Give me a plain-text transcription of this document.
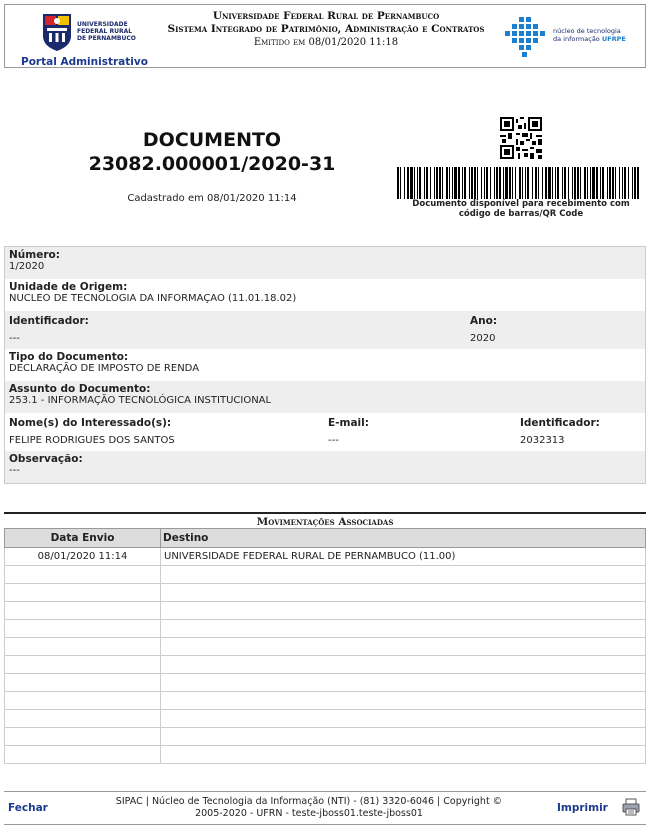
UNIVERSIDADE
FEDERAL RURAL
DE PERNAMBUCO
Portal Administrativo
Universidade Federal Rural de Pernambuco
Sistema Integrado de Patrimônio, Administração e Contratos
Emitido em 08/01/2020 11:18
núcleo de tecnologia
da informação UFRPE
DOCUMENTO
23082.000001/2020-31
Cadastrado em 08/01/2020 11:14	Documento disponível para recebimento com código de barras/QR Code
Número:
1/2020
Unidade de Origem:
NUCLEO DE TECNOLOGIA DA INFORMAÇAO (11.01.18.02)
Identificador:
---
Ano:
2020
Tipo do Documento:
DECLARAÇÃO DE IMPOSTO DE RENDA
Assunto do Documento:
253.1 - INFORMAÇÃO TECNOLÓGICA INSTITUCIONAL
Nome(s) do Interessado(s):
FELIPE RODRIGUES DOS SANTOS
E-mail:
---
Identificador:
2032313
Observação:
---
Movimentações Associadas
Data Envio	Destino
08/01/2020 11:14	UNIVERSIDADE FEDERAL RURAL DE PERNAMBUCO (11.00)

Fechar
SIPAC | Núcleo de Tecnologia da Informação (NTI) - (81) 3320-6046 | Copyright ©
2005-2020 - UFRN - teste-jboss01.teste-jboss01	Imprimir
